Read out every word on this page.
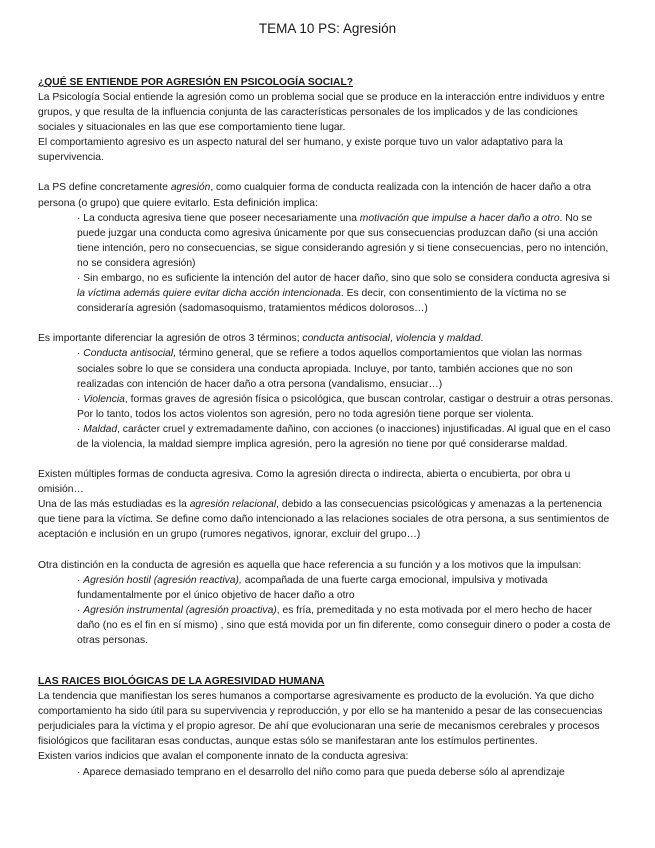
TEMA 10 PS: Agresión
¿QUÉ SE ENTIENDE POR AGRESIÓN EN PSICOLOGÍA SOCIAL?

La Psicología Social entiende la agresión como un problema social que se produce en la interacción entre individuos y entre grupos, y que resulta de la influencia conjunta de las características personales de los implicados y de las condiciones sociales y situacionales en las que ese comportamiento tiene lugar.

El comportamiento agresivo es un aspecto natural del ser humano, y existe porque tuvo un valor adaptativo para la supervivencia.

La PS define concretamente agresión, como cualquier forma de conducta realizada con la intención de hacer daño a otra persona (o grupo) que quiere evitarlo. Esta definición implica:

· La conducta agresiva tiene que poseer necesariamente una motivación que impulse a hacer daño a otro. No se puede juzgar una conducta como agresiva únicamente por que sus consecuencias produzcan daño (si una acción tiene intención, pero no consecuencias, se sigue considerando agresión y si tiene consecuencias, pero no intención, no se considera agresión)

· Sin embargo, no es suficiente la intención del autor de hacer daño, sino que solo se considera conducta agresiva si la víctima además quiere evitar dicha acción intencionada. Es decir, con consentimiento de la víctima no se consideraría agresión (sadomasoquismo, tratamientos médicos dolorosos…)

Es importante diferenciar la agresión de otros 3 términos; conducta antisocial, violencia y maldad.

· Conducta antisocial, término general, que se refiere a todos aquellos comportamientos que violan las normas sociales sobre lo que se considera una conducta apropiada. Incluye, por tanto, también acciones que no son realizadas con intención de hacer daño a otra persona (vandalismo, ensuciar…)

· Violencia, formas graves de agresión física o psicológica, que buscan controlar, castigar o destruir a otras personas. Por lo tanto, todos los actos violentos son agresión, pero no toda agresión tiene porque ser violenta.

· Maldad, carácter cruel y extremadamente dañino, con acciones (o inacciones) injustificadas. Al igual que en el caso de la violencia, la maldad siempre implica agresión, pero la agresión no tiene por qué considerarse maldad.

Existen múltiples formas de conducta agresiva. Como la agresión directa o indirecta, abierta o encubierta, por obra u omisión…

Una de las más estudiadas es la agresión relacional, debido a las consecuencias psicológicas y amenazas a la pertenencia que tiene para la víctima. Se define como daño intencionado a las relaciones sociales de otra persona, a sus sentimientos de aceptación e inclusión en un grupo (rumores negativos, ignorar, excluir del grupo…)

Otra distinción en la conducta de agresión es aquella que hace referencia a su función y a los motivos que la impulsan:

· Agresión hostil (agresión reactiva), acompañada de una fuerte carga emocional, impulsiva y motivada fundamentalmente por el único objetivo de hacer daño a otro

· Agresión instrumental (agresión proactiva), es fría, premeditada y no esta motivada por el mero hecho de hacer daño (no es el fin en sí mismo) , sino que está movida por un fin diferente, como conseguir dinero o poder a costa de otras personas.

LAS RAICES BIOLÓGICAS DE LA AGRESIVIDAD HUMANA

La tendencia que manifiestan los seres humanos a comportarse agresivamente es producto de la evolución. Ya que dicho comportamiento ha sido útil para su supervivencia y reproducción, y por ello se ha mantenido a pesar de las consecuencias perjudiciales para la víctima y el propio agresor. De ahí que evolucionaran una serie de mecanismos cerebrales y procesos fisiológicos que facilitaran esas conductas, aunque estas sólo se manifestaran ante los estímulos pertinentes.

Existen varios indicios que avalan el componente innato de la conducta agresiva:

· Aparece demasiado temprano en el desarrollo del niño como para que pueda deberse sólo al aprendizaje
